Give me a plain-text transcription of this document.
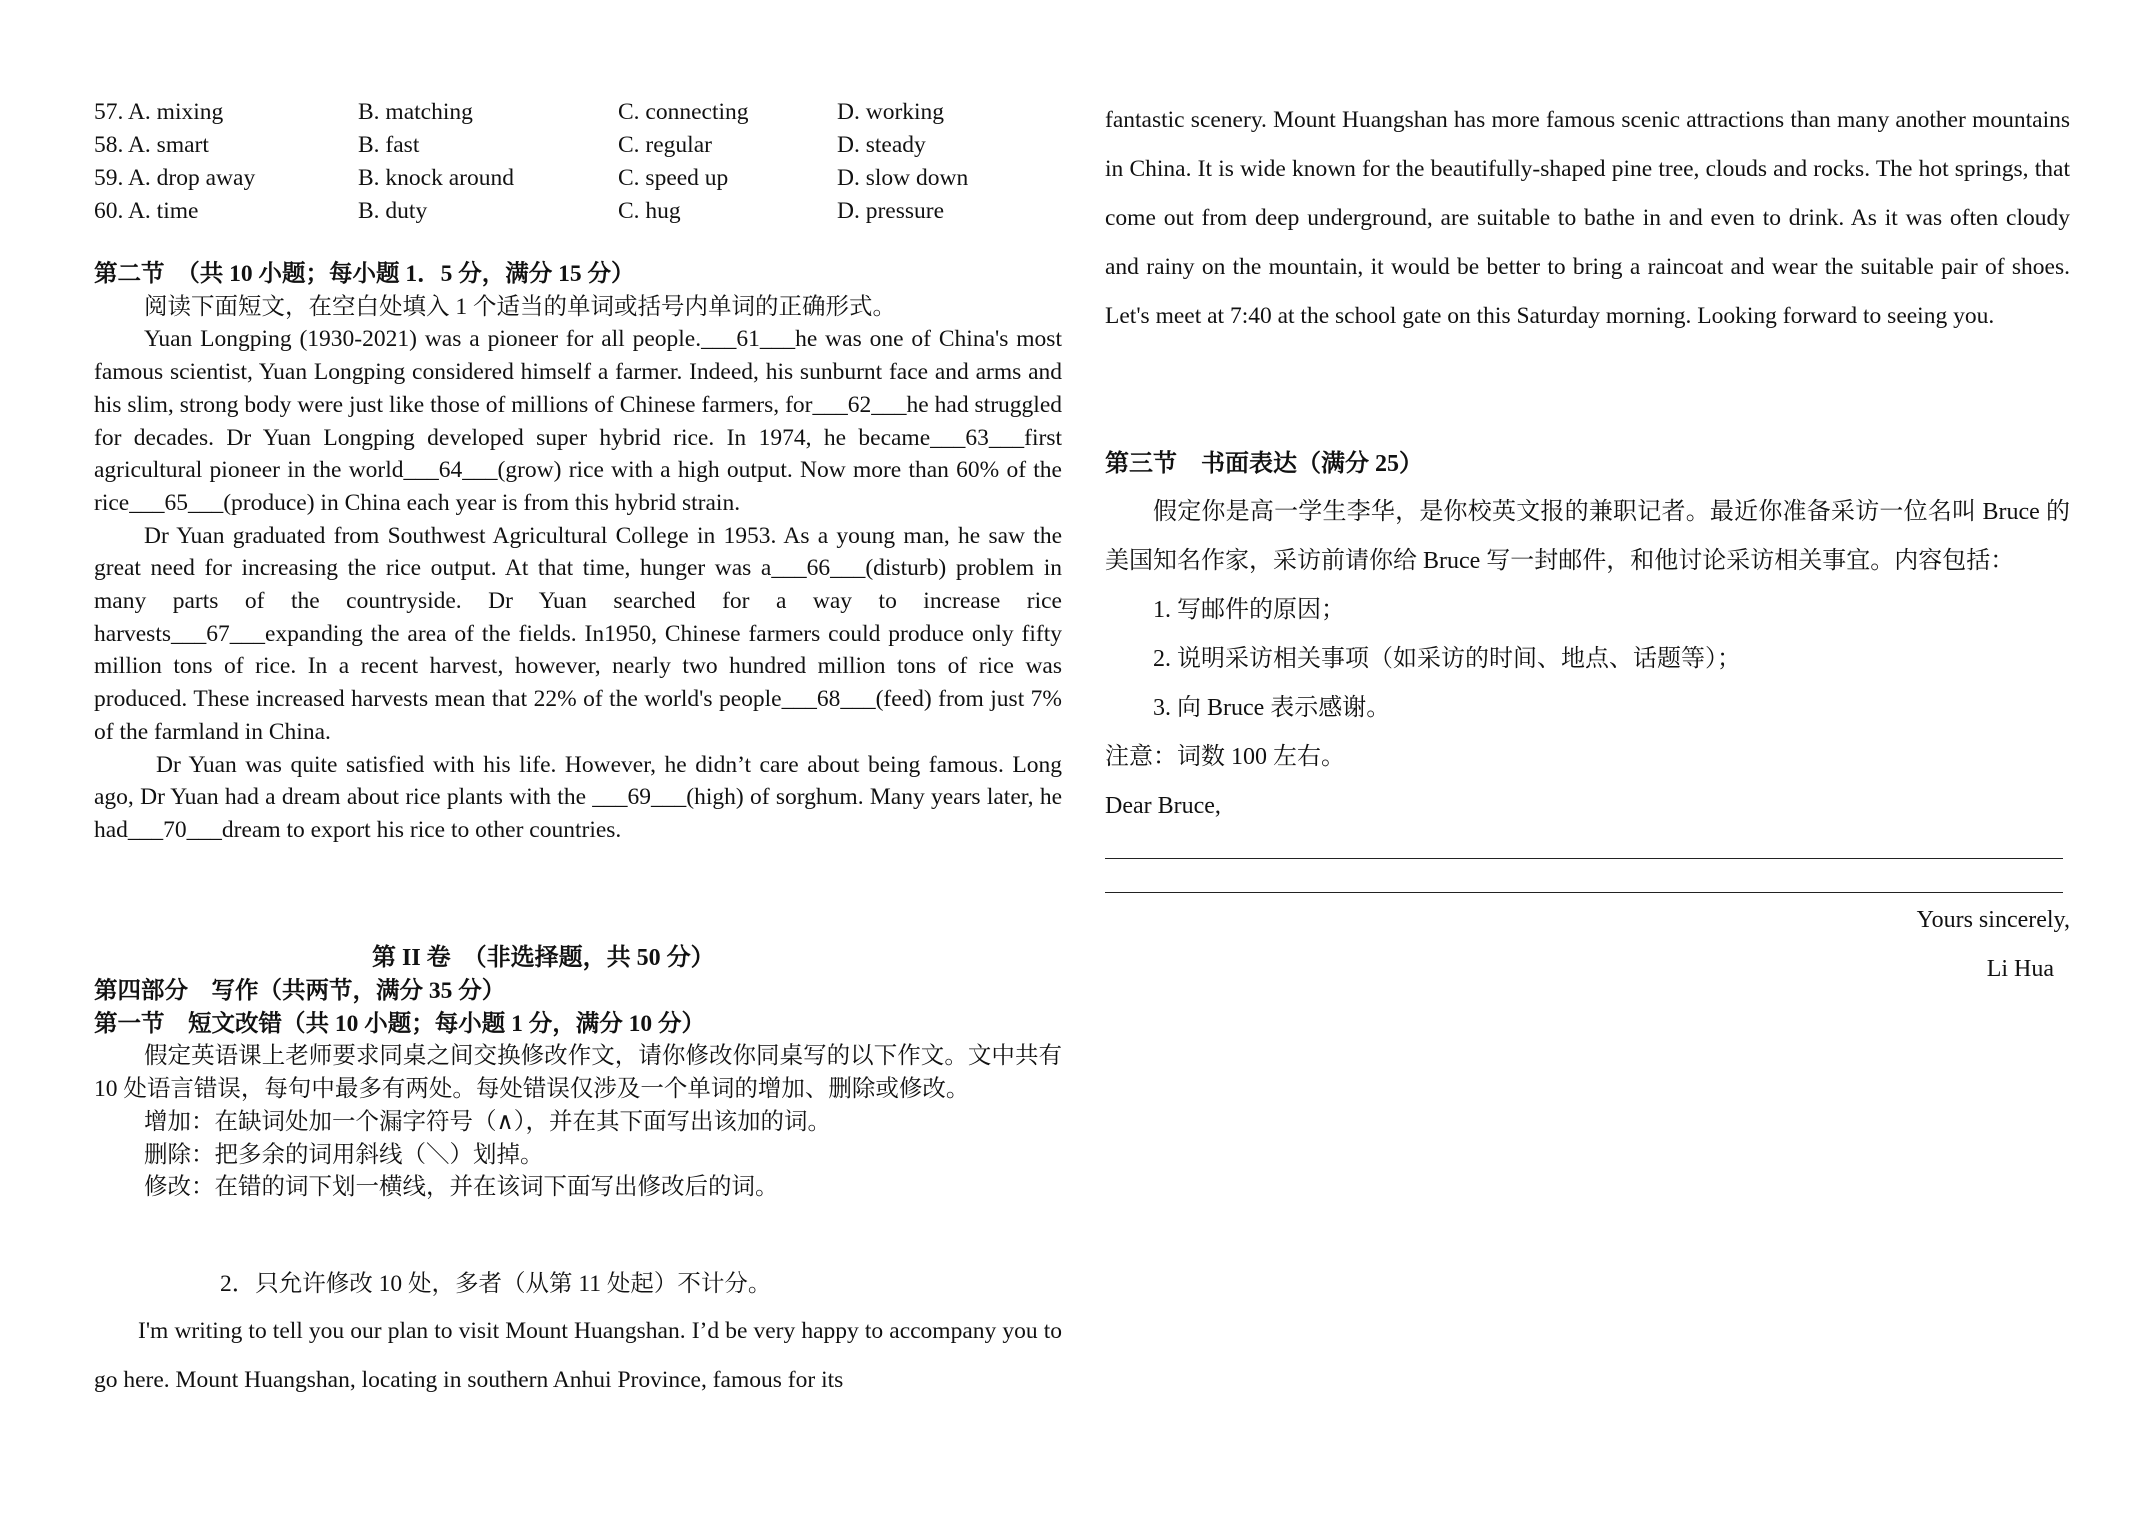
57. A. mixing	B. matching	C. connecting	D. working
58. A. smart	B. fast	C. regular	D. steady
59. A. drop away	B. knock around	C. speed up	D. slow down
60. A. time	B. duty	C. hug	D. pressure

第二节　（共 10 小题；每小题 1．5 分，满分 15 分）

阅读下面短文，在空白处填入 1 个适当的单词或括号内单词的正确形式。

Yuan Longping (1930-2021) was a pioneer for all people.___61___he was one of China's most famous scientist, Yuan Longping considered himself a farmer. Indeed, his sunburnt face and arms and his slim, strong body were just like those of millions of Chinese farmers, for___62___he had struggled for decades. Dr Yuan Longping developed super hybrid rice. In 1974, he became___63___first agricultural pioneer in the world___64___(grow) rice with a high output. Now more than 60% of the rice___65___(produce) in China each year is from this hybrid strain.

Dr Yuan graduated from Southwest Agricultural College in 1953. As a young man, he saw the great need for increasing the rice output. At that time, hunger was a___66___(disturb) problem in many parts of the countryside. Dr Yuan searched for a way to increase rice harvests___67___expanding the area of the fields. In1950, Chinese farmers could produce only fifty million tons of rice. In a recent harvest, however, nearly two hundred million tons of rice was produced. These increased harvests mean that 22% of the world's people___68___(feed) from just 7% of the farmland in China.

Dr Yuan was quite satisfied with his life. However, he didn’t care about being famous. Long ago, Dr Yuan had a dream about rice plants with the ___69___(high) of sorghum. Many years later, he had___70___dream to export his rice to other countries.

第 II 卷　（非选择题，共 50 分）

第四部分　写作（共两节，满分 35 分）

第一节　短文改错（共 10 小题；每小题 1 分，满分 10 分）

假定英语课上老师要求同桌之间交换修改作文，请你修改你同桌写的以下作文。文中共有 10 处语言错误，每句中最多有两处。每处错误仅涉及一个单词的增加、删除或修改。

增加：在缺词处加一个漏字符号（∧），并在其下面写出该加的词。

删除：把多余的词用斜线（＼）划掉。

修改：在错的词下划一横线，并在该词下面写出修改后的词。

2．只允许修改 10 处，多者（从第 11 处起）不计分。

I'm writing to tell you our plan to visit Mount Huangshan. I’d be very happy to accompany you to go here. Mount Huangshan, locating in southern Anhui Province, famous for its

fantastic scenery. Mount Huangshan has more famous scenic attractions than many another mountains in China. It is wide known for the beautifully-shaped pine tree, clouds and rocks. The hot springs, that come out from deep underground, are suitable to bathe in and even to drink. As it was often cloudy and rainy on the mountain, it would be better to bring a raincoat and wear the suitable pair of shoes. Let's meet at 7:40 at the school gate on this Saturday morning. Looking forward to seeing you.

第三节　书面表达（满分 25）

假定你是高一学生李华，是你校英文报的兼职记者。最近你准备采访一位名叫 Bruce 的美国知名作家，采访前请你给 Bruce 写一封邮件，和他讨论采访相关事宜。内容包括：

1. 写邮件的原因；

2. 说明采访相关事项（如采访的时间、地点、话题等）；

3. 向 Bruce 表示感谢。

注意：词数 100 左右。

Dear Bruce,

Yours sincerely,

Li Hua
